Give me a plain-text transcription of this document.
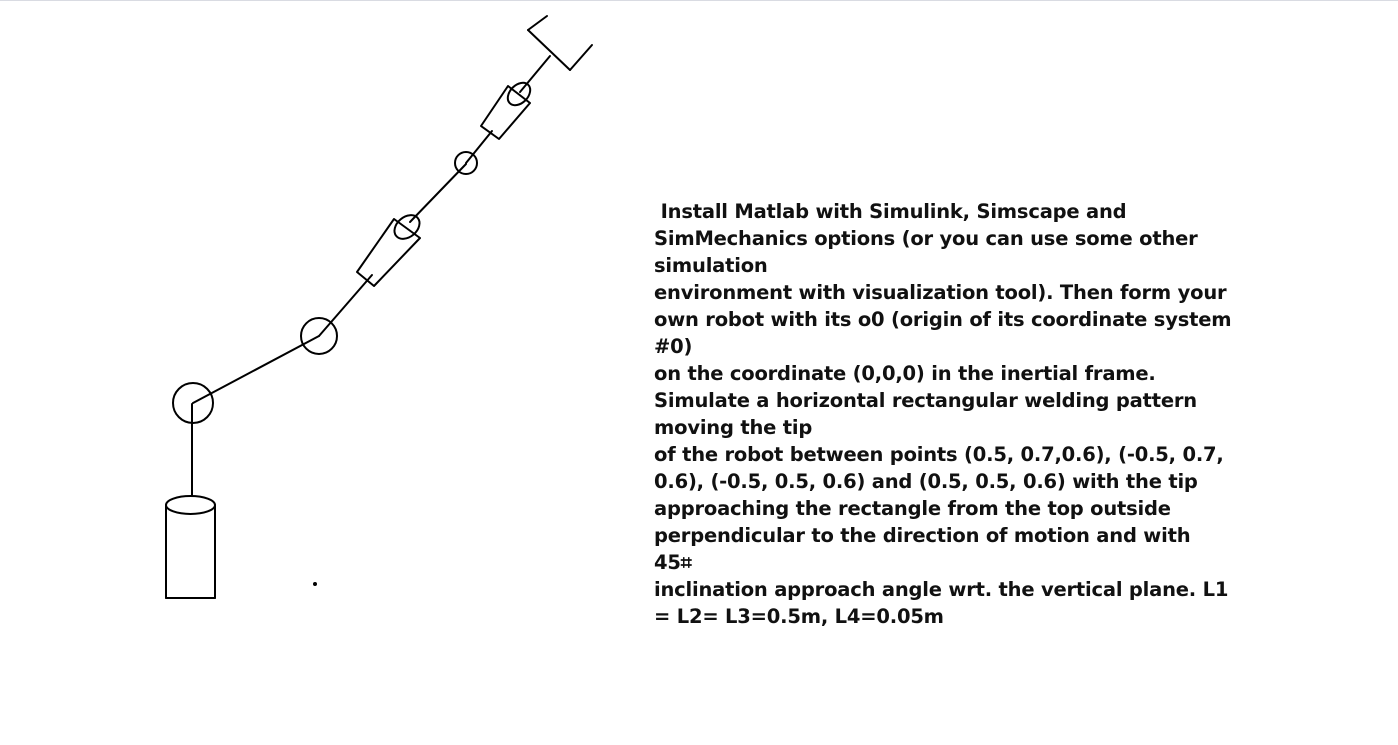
Install Matlab with Simulink, Simscape and
SimMechanics options (or you can use some other
simulation
environment with visualization tool). Then form your
own robot with its o0 (origin of its coordinate system
#0)
on the coordinate (0,0,0) in the inertial frame.
Simulate a horizontal rectangular welding pattern
moving the tip
of the robot between points (0.5, 0.7,0.6), (-0.5, 0.7,
0.6), (-0.5, 0.5, 0.6) and (0.5, 0.5, 0.6) with the tip
approaching the rectangle from the top outside
perpendicular to the direction of motion and with
45⌗
inclination approach angle wrt. the vertical plane. L1
= L2= L3=0.5m, L4=0.05m
